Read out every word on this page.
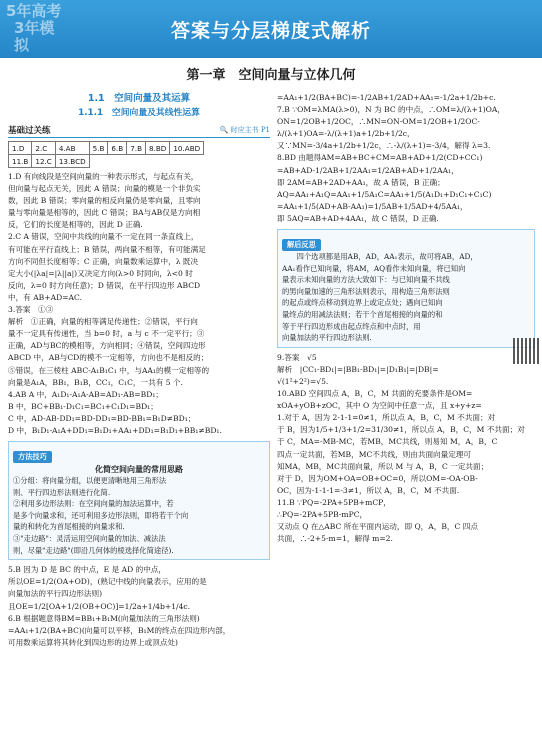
5年高考
3年模拟
答案与分层梯度式解析
第一章　空间向量与立体几何
1.1　空间向量及其运算
1.1.1　空间向量及其线性运算
基础过关练	🔍 时应主书 P1
1.D	2.C	4.AB	5.B	6.B	7.B	8.BD	10.ABD
11.B	12.C	13.BCD					
1.D 有向线段是空间向量的一种表示形式，与起点有关，
但向量与起点无关，因此 A 错误；向量的模是一个非负实
数，因此 B 错误；零向量的相反向量仍是零向量，且零向
量与零向量是相等的，因此 C 错误；BA与AB仅是方向相
反，它们的长度是相等的，因此 D 正确.
2.C A 错误，空间中共线的向量不一定在同一条直线上，
有可能在平行直线上；B 错误，两向量不相等，有可能满足
方向不同但长度相等；C 正确，向量数乘运算中，λ 既决
定大小(|λa|=|λ||a|)又决定方向(λ>0 时同向，λ<0 时
反向，λ=0 时方向任意)；D 错误，在平行四边形 ABCD
中，有 AB+AD=AC.
3.答案　①③
解析　①正确，向量的相等满足传递性；②错误，平行向
量不一定具有传递性，当 b=0 时，a 与 c 不一定平行；③
正确，AD与BC的模相等，方向相同；④错误，空间四边形
ABCD 中，AB与CD的模不一定相等，方向也不是相反的；
⑤错误，在三棱柱 ABC-A₁B₁C₁ 中，与AA₁的模一定相等的
向量是A₁A，BB₁，B₁B，CC₁，C₁C，一共有 5 个.
4.AB A 中，A₁D₁-A₁A-AB=AD₁-AB=BD₁；
B 中，BC+BB₁-D₁C₁=BC₁+C₁D₁=BD₁；
C 中，AD-AB-DD₁=BD-DD₁=BD-BB₁=B₁D≠BD₁；
D 中，B₁D₁-A₁A+DD₁=B₁D₁+AA₁+DD₁=B₁D₁+BB₁≠BD₁.
方法技巧
化简空间向量的常用思路
①分组：将向量分组，以便更清晰地用三角形法
则、平行四边形法则进行化简.
②利用多边形法则：在空间向量的加法运算中，若
是多个向量求和，还可利用多边形法则，即将若干个向
量的和转化为首尾相接的向量求和.
③"走边路"：灵活运用空间向量的加法、减法法
则，尽量"走边路"(即沿几何体的棱选择化简途径).
5.B 因为 D 是 BC 的中点，E 是 AD 的中点，
所以OE=1/2(OA+OD)，(熟记中线的向量表示，应用的是
向量加法的平行四边形法则)
且OE=1/2[OA+1/2(OB+OC)]=1/2a+1/4b+1/4c.
6.B 根据题意得BM=BB₁+B₁M(向量加法的三角形法则)
=AA₁+1/2(BA+BC)(向量可以平移，B₁M的终点在四边形内部，
可用数乘运算将其转化到四边形的边界上或顶点处)
=AA₁+1/2(BA+BC)=-1/2AB+1/2AD+AA₁=-1/2a+1/2b+c.
7.B ∵OM=λMA(λ>0)，N 为 BC 的中点，∴OM=λ/(λ+1)OA，
ON=1/2OB+1/2OC，∴MN=ON-OM=1/2OB+1/2OC-
λ/(λ+1)OA=-λ/(λ+1)a+1/2b+1/2c，
又∵MN=-3/4a+1/2b+1/2c，∴-λ/(λ+1)=-3/4，解得 λ=3.
8.BD 由题得AM=AB+BC+CM=AB+AD+1/2(CD+CC₁)
=AB+AD-1/2AB+1/2AA₁=1/2AB+AD+1/2AA₁，
即 2AM=AB+2AD+AA₁，故 A 错误，B 正确；
AQ=AA₁+A₁Q=AA₁+1/5A₁C=AA₁+1/5(A₁D₁+D₁C₁+C₁C)
=AA₁+1/5(AD+AB-AA₁)=1/5AB+1/5AD+4/5AA₁，
即 5AQ=AB+AD+4AA₁，故 C 错误，D 正确.
解后反思
　　四个选项都是用AB，AD，AA₁表示，故可将AB，AD，
AA₁看作已知向量，将AM，AQ看作未知向量，将已知向
量表示未知向量的方法大致如下：与已知向量不共线
的男向量加速的三角形法则表示，用构造三角形法则
的起点或终点移动到边界上或定点处；遇向已知向
量终点的用减法法则；若干个首尾相接的向量的和
等于平行四边形成由起点终点和中点时，用
向量加法的平行四边形法则.
9.答案　√5
解析　|CC₁-BD₁|=|BB₁-BD₁|=|D₁B₁|=|DB|=
√(1²+2²)=√5.
10.ABD 空间四点 A，B，C，M 共面的充要条件是OM=
xOA+yOB+zOC，其中 O 为空间中任意一点，且 x+y+z=
1.对于 A，因为 2-1-1=0≠1，所以点 A，B，C，M 不共面；对
于 B，因为1/5+1/3+1/2=31/30≠1，所以点 A，B，C，M 不共面；对
于 C，MA=-MB-MC，若MB，MC共线，则易知 M，A，B，C
四点一定共面，若MB，MC不共线，则由共面向量定理可
知MA，MB，MC共面向量，所以 M 与 A，B，C 一定共面；
对于 D，因为OM+OA=OB+OC=0，所以OM=-OA-OB-
OC，因为-1-1-1=-3≠1，所以 A，B，C，M 不共面.
11.B ∵PQ=-2PA+5PB+mCP，
∴PQ=-2PA+5PB-mPC，
又动点 Q 在△ABC 所在平面内运动，即 Q，A，B，C 四点
共面，∴-2+5-m=1，解得 m=2.
